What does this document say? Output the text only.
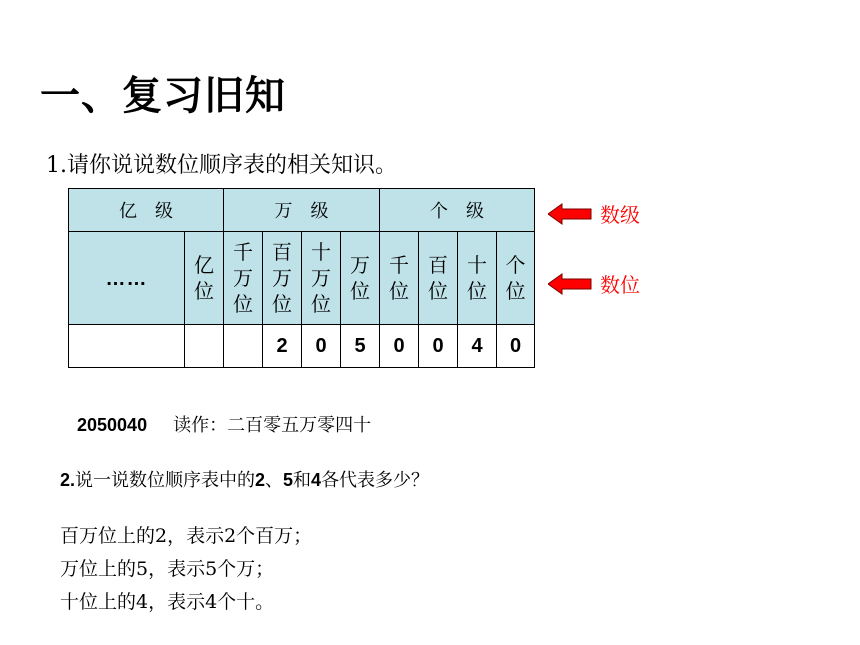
一、复习旧知
1.请你说说数位顺序表的相关知识。
亿　级		万　级				个　级			
……	亿位	千万位	百万位	十万位	万位	千位	百位	十位	个位
			2	0	5	0	0	4	0
数级
数位
2050040 读作：二百零五万零四十
2.说一说数位顺序表中的2、5和4各代表多少？
百万位上的2，表示2个百万；
万位上的5，表示5个万；
十位上的4，表示4个十。
